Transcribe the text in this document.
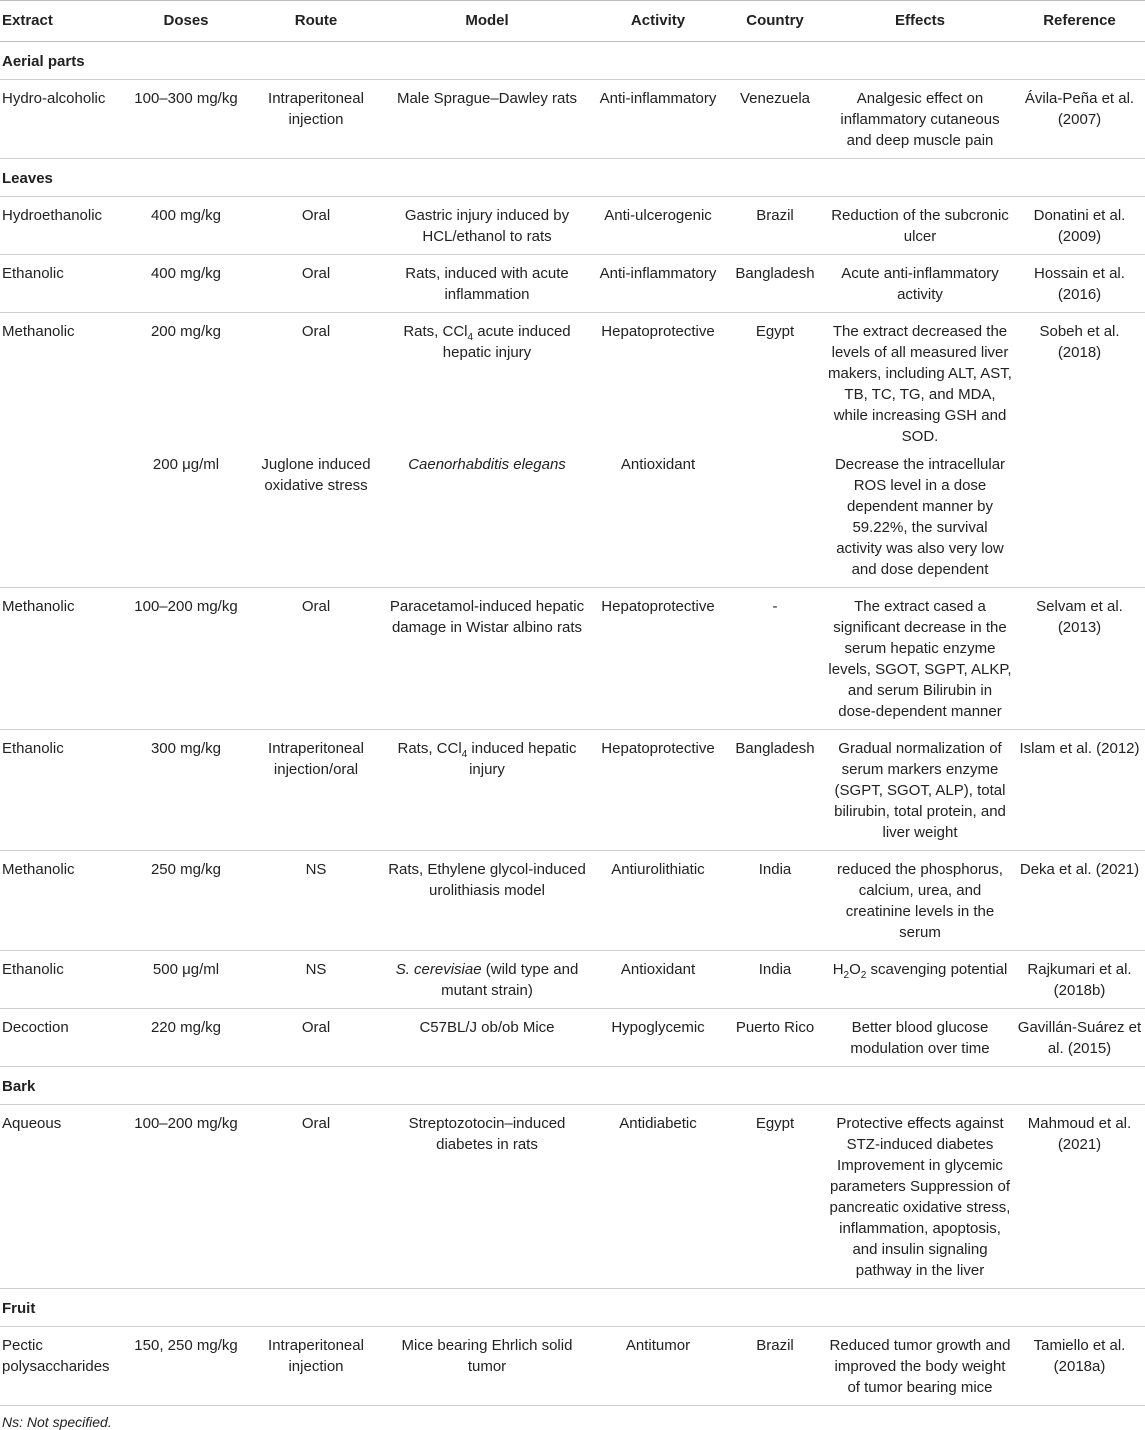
Extract	Doses	Route	Model	Activity	Country	Effects	Reference
Aerial parts							
Hydro-alcoholic	100–300 mg/kg	Intraperitoneal injection	Male Sprague–Dawley rats	Anti-inflammatory	Venezuela	Analgesic effect on inflammatory cutaneous and deep muscle pain	Ávila-Peña et al. (2007)
Leaves							
Hydroethanolic	400 mg/kg	Oral	Gastric injury induced by HCL/ethanol to rats	Anti-ulcerogenic	Brazil	Reduction of the subcronic ulcer	Donatini et al. (2009)
Ethanolic	400 mg/kg	Oral	Rats, induced with acute inflammation	Anti-inflammatory	Bangladesh	Acute anti-inflammatory activity	Hossain et al. (2016)
Methanolic	200 mg/kg	Oral	Rats, CCl$_4$ acute induced hepatic injury	Hepatoprotective	Egypt	The extract decreased the levels of all measured liver makers, including ALT, AST, TB, TC, TG, and MDA, while increasing GSH and SOD.	Sobeh et al. (2018)
	200 μg/ml	Juglone induced oxidative stress	Caenorhabditis elegans	Antioxidant		Decrease the intracellular ROS level in a dose dependent manner by 59.22%, the survival activity was also very low and dose dependent	
Methanolic	100–200 mg/kg	Oral	Paracetamol-induced hepatic damage in Wistar albino rats	Hepatoprotective	-	The extract cased a significant decrease in the serum hepatic enzyme levels, SGOT, SGPT, ALKP, and serum Bilirubin in dose-dependent manner	Selvam et al. (2013)
Ethanolic	300 mg/kg	Intraperitoneal injection/oral	Rats, CCl$_4$ induced hepatic injury	Hepatoprotective	Bangladesh	Gradual normalization of serum markers enzyme (SGPT, SGOT, ALP), total bilirubin, total protein, and liver weight	Islam et al. (2012)
Methanolic	250 mg/kg	NS	Rats, Ethylene glycol-induced urolithiasis model	Antiurolithiatic	India	reduced the phosphorus, calcium, urea, and creatinine levels in the serum	Deka et al. (2021)
Ethanolic	500 μg/ml	NS	S. cerevisiae (wild type and mutant strain)	Antioxidant	India	$H_2O_2$ scavenging potential	Rajkumari et al. (2018b)
Decoction	220 mg/kg	Oral	C57BL/J ob/ob Mice	Hypoglycemic	Puerto Rico	Better blood glucose modulation over time	Gavillán-Suárez et al. (2015)
Bark							
Aqueous	100–200 mg/kg	Oral	Streptozotocin–induced diabetes in rats	Antidiabetic	Egypt	Protective effects against STZ-induced diabetes Improvement in glycemic parameters Suppression of pancreatic oxidative stress, inflammation, apoptosis, and insulin signaling pathway in the liver	Mahmoud et al. (2021)
Fruit							
Pectic polysaccharides	150, 250 mg/kg	Intraperitoneal injection	Mice bearing Ehrlich solid tumor	Antitumor	Brazil	Reduced tumor growth and improved the body weight of tumor bearing mice	Tamiello et al. (2018a)
Ns: Not specified.
